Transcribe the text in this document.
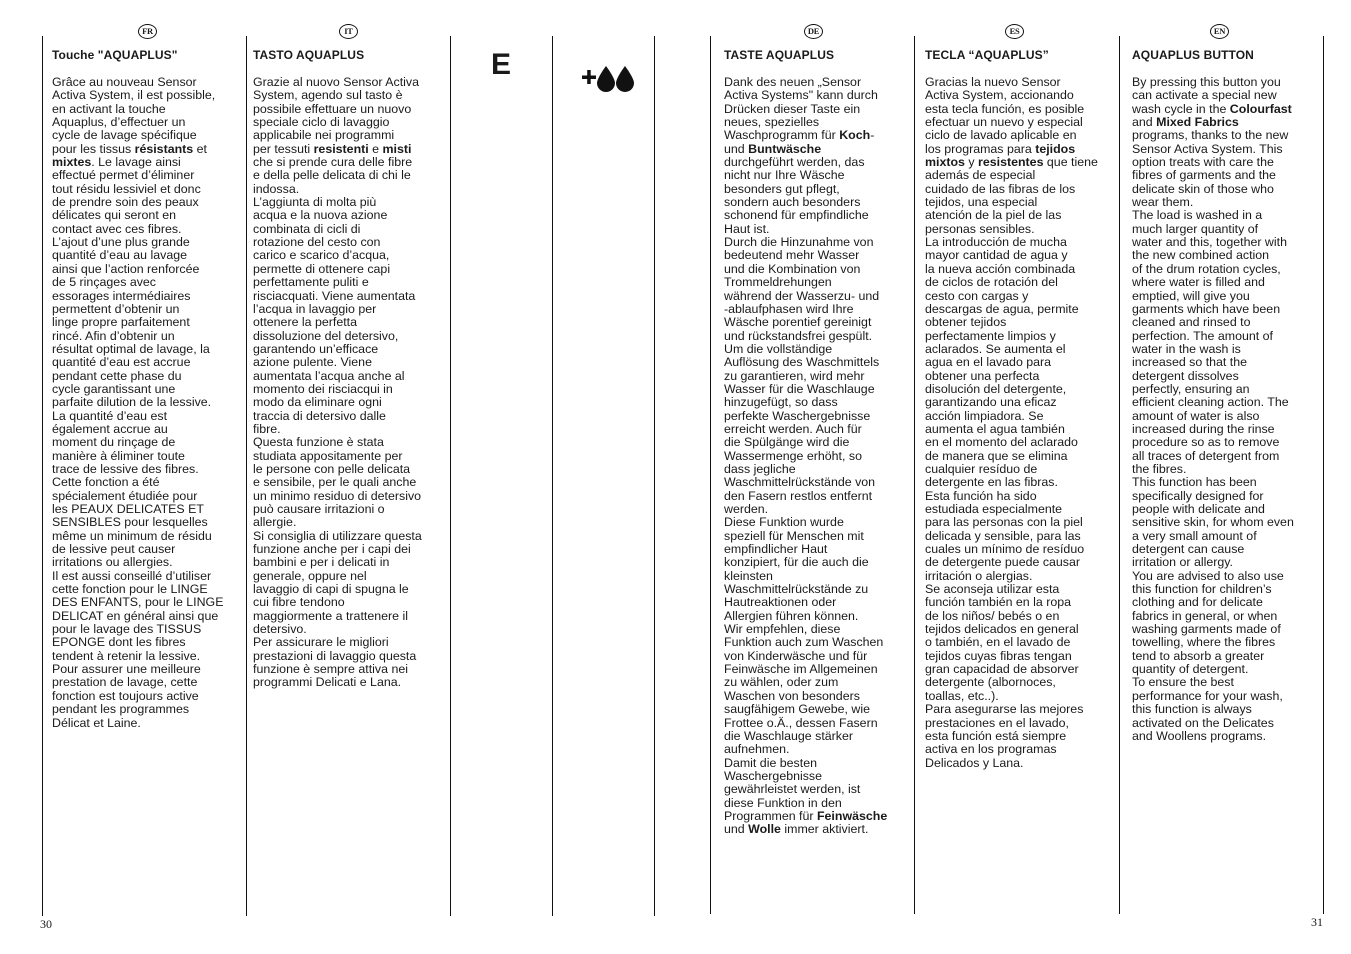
FR	IT	DE	ES	EN
E
Touche "AQUAPLUS"
Grâce au nouveau Sensor
Activa System, il est possible,
en activant la touche
Aquaplus, d’effectuer un
cycle de lavage spécifique
pour les tissus résistants et
mixtes. Le lavage ainsi
effectué permet d’éliminer
tout résidu lessiviel et donc
de prendre soin des peaux
délicates qui seront en
contact avec ces fibres.
L’ajout d’une plus grande
quantité d’eau au lavage
ainsi que l’action renforcée
de 5 rinçages avec
essorages intermédiaires
permettent d’obtenir un
linge propre parfaitement
rincé. Afin d’obtenir un
résultat optimal de lavage, la
quantité d’eau est accrue
pendant cette phase du
cycle garantissant une
parfaite dilution de la lessive.
La quantité d’eau est
également accrue au
moment du rinçage de
manière à éliminer toute
trace de lessive des fibres.
Cette fonction a été
spécialement étudiée pour
les PEAUX DELICATES ET
SENSIBLES pour lesquelles
même un minimum de résidu
de lessive peut causer
irritations ou allergies.
Il est aussi conseillé d’utiliser
cette fonction pour le LINGE
DES ENFANTS, pour le LINGE
DELICAT en général ainsi que
pour le lavage des TISSUS
EPONGE dont les fibres
tendent à retenir la lessive.
Pour assurer une meilleure
prestation de lavage, cette
fonction est toujours active
pendant les programmes
Délicat et Laine.
TASTO AQUAPLUS
Grazie al nuovo Sensor Activa
System, agendo sul tasto è
possibile effettuare un nuovo
speciale ciclo di lavaggio
applicabile nei programmi
per tessuti resistenti e misti
che si prende cura delle fibre
e della pelle delicata di chi le
indossa.
L’aggiunta di molta più
acqua e la nuova azione
combinata di cicli di
rotazione del cesto con
carico e scarico d’acqua,
permette di ottenere capi
perfettamente puliti e
risciacquati. Viene aumentata
l’acqua in lavaggio per
ottenere la perfetta
dissoluzione del detersivo,
garantendo un’efficace
azione pulente. Viene
aumentata l’acqua anche al
momento dei risciacqui in
modo da eliminare ogni
traccia di detersivo dalle
fibre.
Questa funzione è stata
studiata appositamente per
le persone con pelle delicata
e sensibile, per le quali anche
un minimo residuo di detersivo
può causare irritazioni o
allergie.
Si consiglia di utilizzare questa
funzione anche per i capi dei
bambini e per i delicati in
generale, oppure nel
lavaggio di capi di spugna le
cui fibre tendono
maggiormente a trattenere il
detersivo.
Per assicurare le migliori
prestazioni di lavaggio questa
funzione è sempre attiva nei
programmi Delicati e Lana.
TASTE AQUAPLUS
Dank des neuen „Sensor
Activa Systems" kann durch
Drücken dieser Taste ein
neues, spezielles
Waschprogramm für Koch-
und Buntwäsche
durchgeführt werden, das
nicht nur Ihre Wäsche
besonders gut pflegt,
sondern auch besonders
schonend für empfindliche
Haut ist.
Durch die Hinzunahme von
bedeutend mehr Wasser
und die Kombination von
Trommeldrehungen
während der Wasserzu- und
-ablaufphasen wird Ihre
Wäsche porentief gereinigt
und rückstandsfrei gespült.
Um die vollständige
Auflösung des Waschmittels
zu garantieren, wird mehr
Wasser für die Waschlauge
hinzugefügt, so dass
perfekte Waschergebnisse
erreicht werden. Auch für
die Spülgänge wird die
Wassermenge erhöht, so
dass jegliche
Waschmittelrückstände von
den Fasern restlos entfernt
werden.
Diese Funktion wurde
speziell für Menschen mit
empfindlicher Haut
konzipiert, für die auch die
kleinsten
Waschmittelrückstände zu
Hautreaktionen oder
Allergien führen können.
Wir empfehlen, diese
Funktion auch zum Waschen
von Kinderwäsche und für
Feinwäsche im Allgemeinen
zu wählen, oder zum
Waschen von besonders
saugfähigem Gewebe, wie
Frottee o.Ä., dessen Fasern
die Waschlauge stärker
aufnehmen.
Damit die besten
Waschergebnisse
gewährleistet werden, ist
diese Funktion in den
Programmen für Feinwäsche
und Wolle immer aktiviert.
TECLA “AQUAPLUS”
Gracias la nuevo Sensor
Activa System, accionando
esta tecla función, es posible
efectuar un nuevo y especial
ciclo de lavado aplicable en
los programas para tejidos
mixtos y resistentes que tiene
además de especial
cuidado de las fibras de los
tejidos, una especial
atención de la piel de las
personas sensibles.
La introducción de mucha
mayor cantidad de agua y
la nueva acción combinada
de ciclos de rotación del
cesto con cargas y
descargas de agua, permite
obtener tejidos
perfectamente limpios y
aclarados. Se aumenta el
agua en el lavado para
obtener una perfecta
disolución del detergente,
garantizando una eficaz
acción limpiadora. Se
aumenta el agua también
en el momento del aclarado
de manera que se elimina
cualquier resíduo de
detergente en las fibras.
Esta función ha sido
estudiada especialmente
para las personas con la piel
delicada y sensible, para las
cuales un mínimo de resíduo
de detergente puede causar
irritación o alergias.
Se aconseja utilizar esta
función también en la ropa
de los niños/ bebés o en
tejidos delicados en general
o también, en el lavado de
tejidos cuyas fibras tengan
gran capacidad de absorver
detergente (albornoces,
toallas, etc..).
Para asegurarse las mejores
prestaciones en el lavado,
esta función está siempre
activa en los programas
Delicados y Lana.
AQUAPLUS BUTTON
By pressing this button you
can activate a special new
wash cycle in the Colourfast
and Mixed Fabrics
programs, thanks to the new
Sensor Activa System. This
option treats with care the
fibres of garments and the
delicate skin of those who
wear them.
The load is washed in a
much larger quantity of
water and this, together with
the new combined action
of the drum rotation cycles,
where water is filled and
emptied, will give you
garments which have been
cleaned and rinsed to
perfection. The amount of
water in the wash is
increased so that the
detergent dissolves
perfectly, ensuring an
efficient cleaning action. The
amount of water is also
increased during the rinse
procedure so as to remove
all traces of detergent from
the fibres.
This function has been
specifically designed for
people with delicate and
sensitive skin, for whom even
a very small amount of
detergent can cause
irritation or allergy.
You are advised to also use
this function for children’s
clothing and for delicate
fabrics in general, or when
washing garments made of
towelling, where the fibres
tend to absorb a greater
quantity of detergent.
To ensure the best
performance for your wash,
this function is always
activated on the Delicates
and Woollens programs.
30	31
